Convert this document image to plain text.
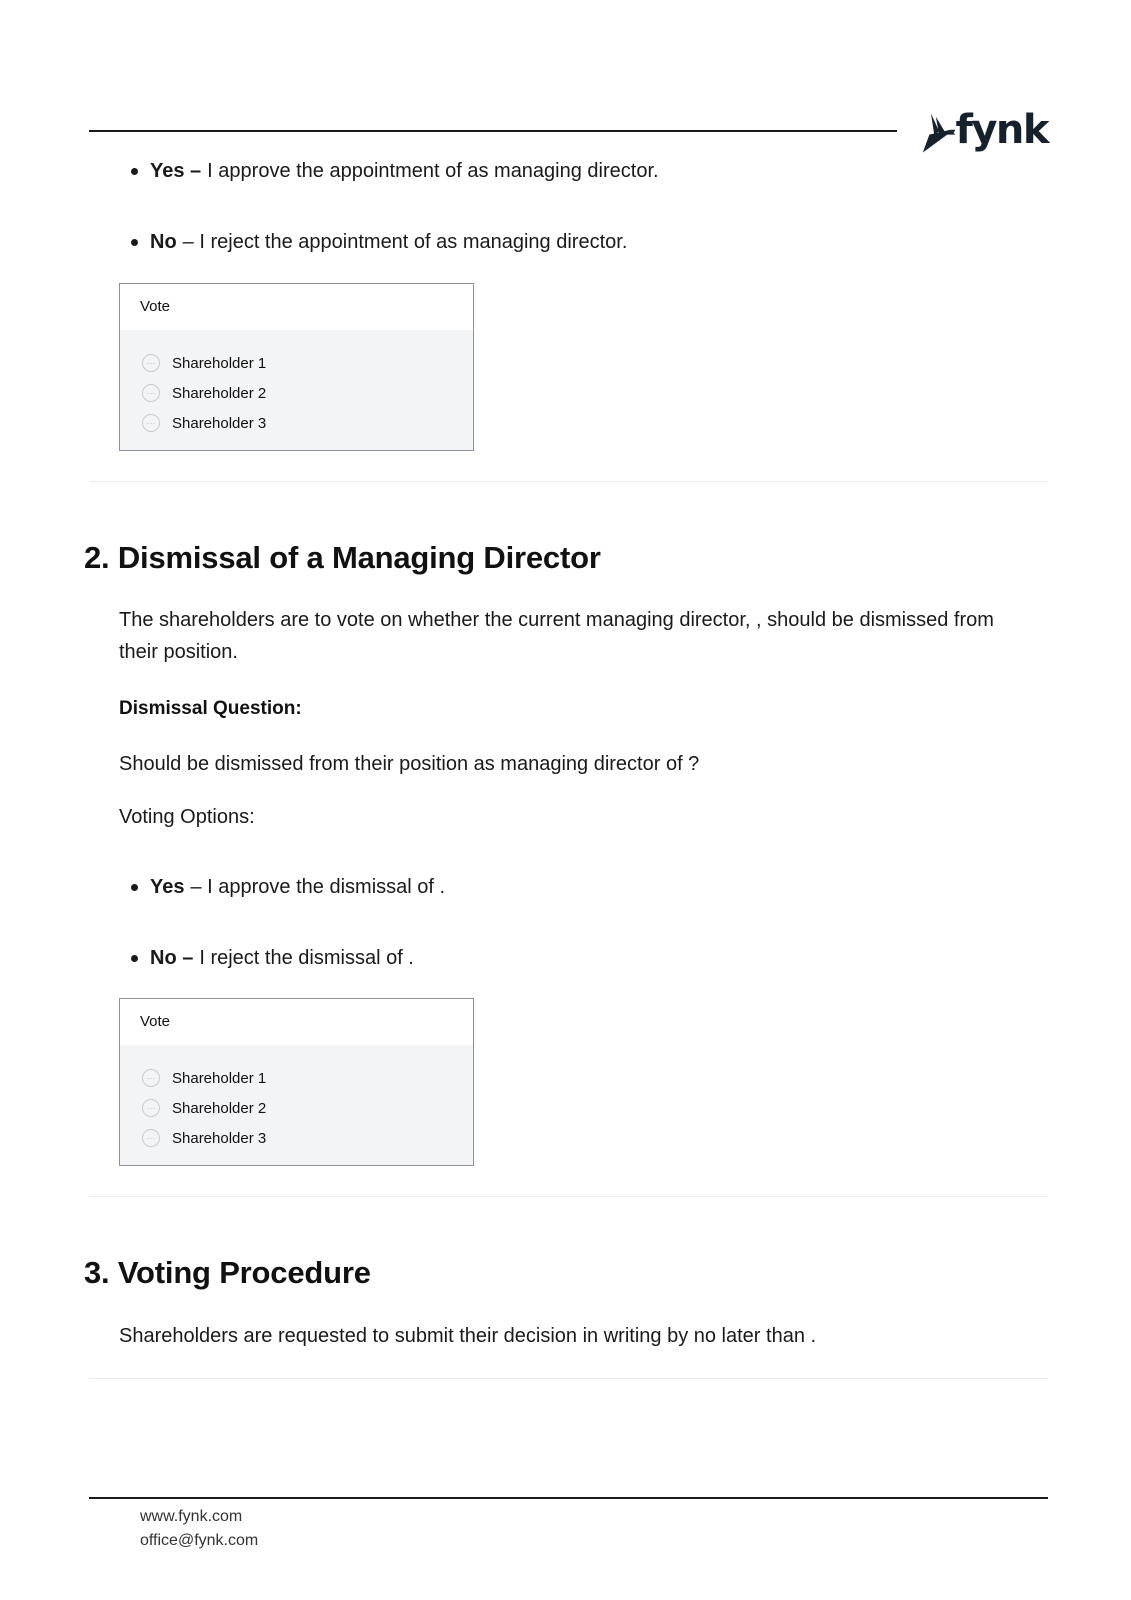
fynk
Yes – I approve the appointment of as managing director.
No – I reject the appointment of as managing director.
Vote
···	Shareholder 1
···	Shareholder 2
···	Shareholder 3
2. Dismissal of a Managing Director
The shareholders are to vote on whether the current managing director, , should be dismissed from their position.
Dismissal Question:
Should be dismissed from their position as managing director of ?
Voting Options:
Yes – I approve the dismissal of .
No – I reject the dismissal of .
Vote
···	Shareholder 1
···	Shareholder 2
···	Shareholder 3
3. Voting Procedure
Shareholders are requested to submit their decision in writing by no later than .
www.fynk.com
office@fynk.com
